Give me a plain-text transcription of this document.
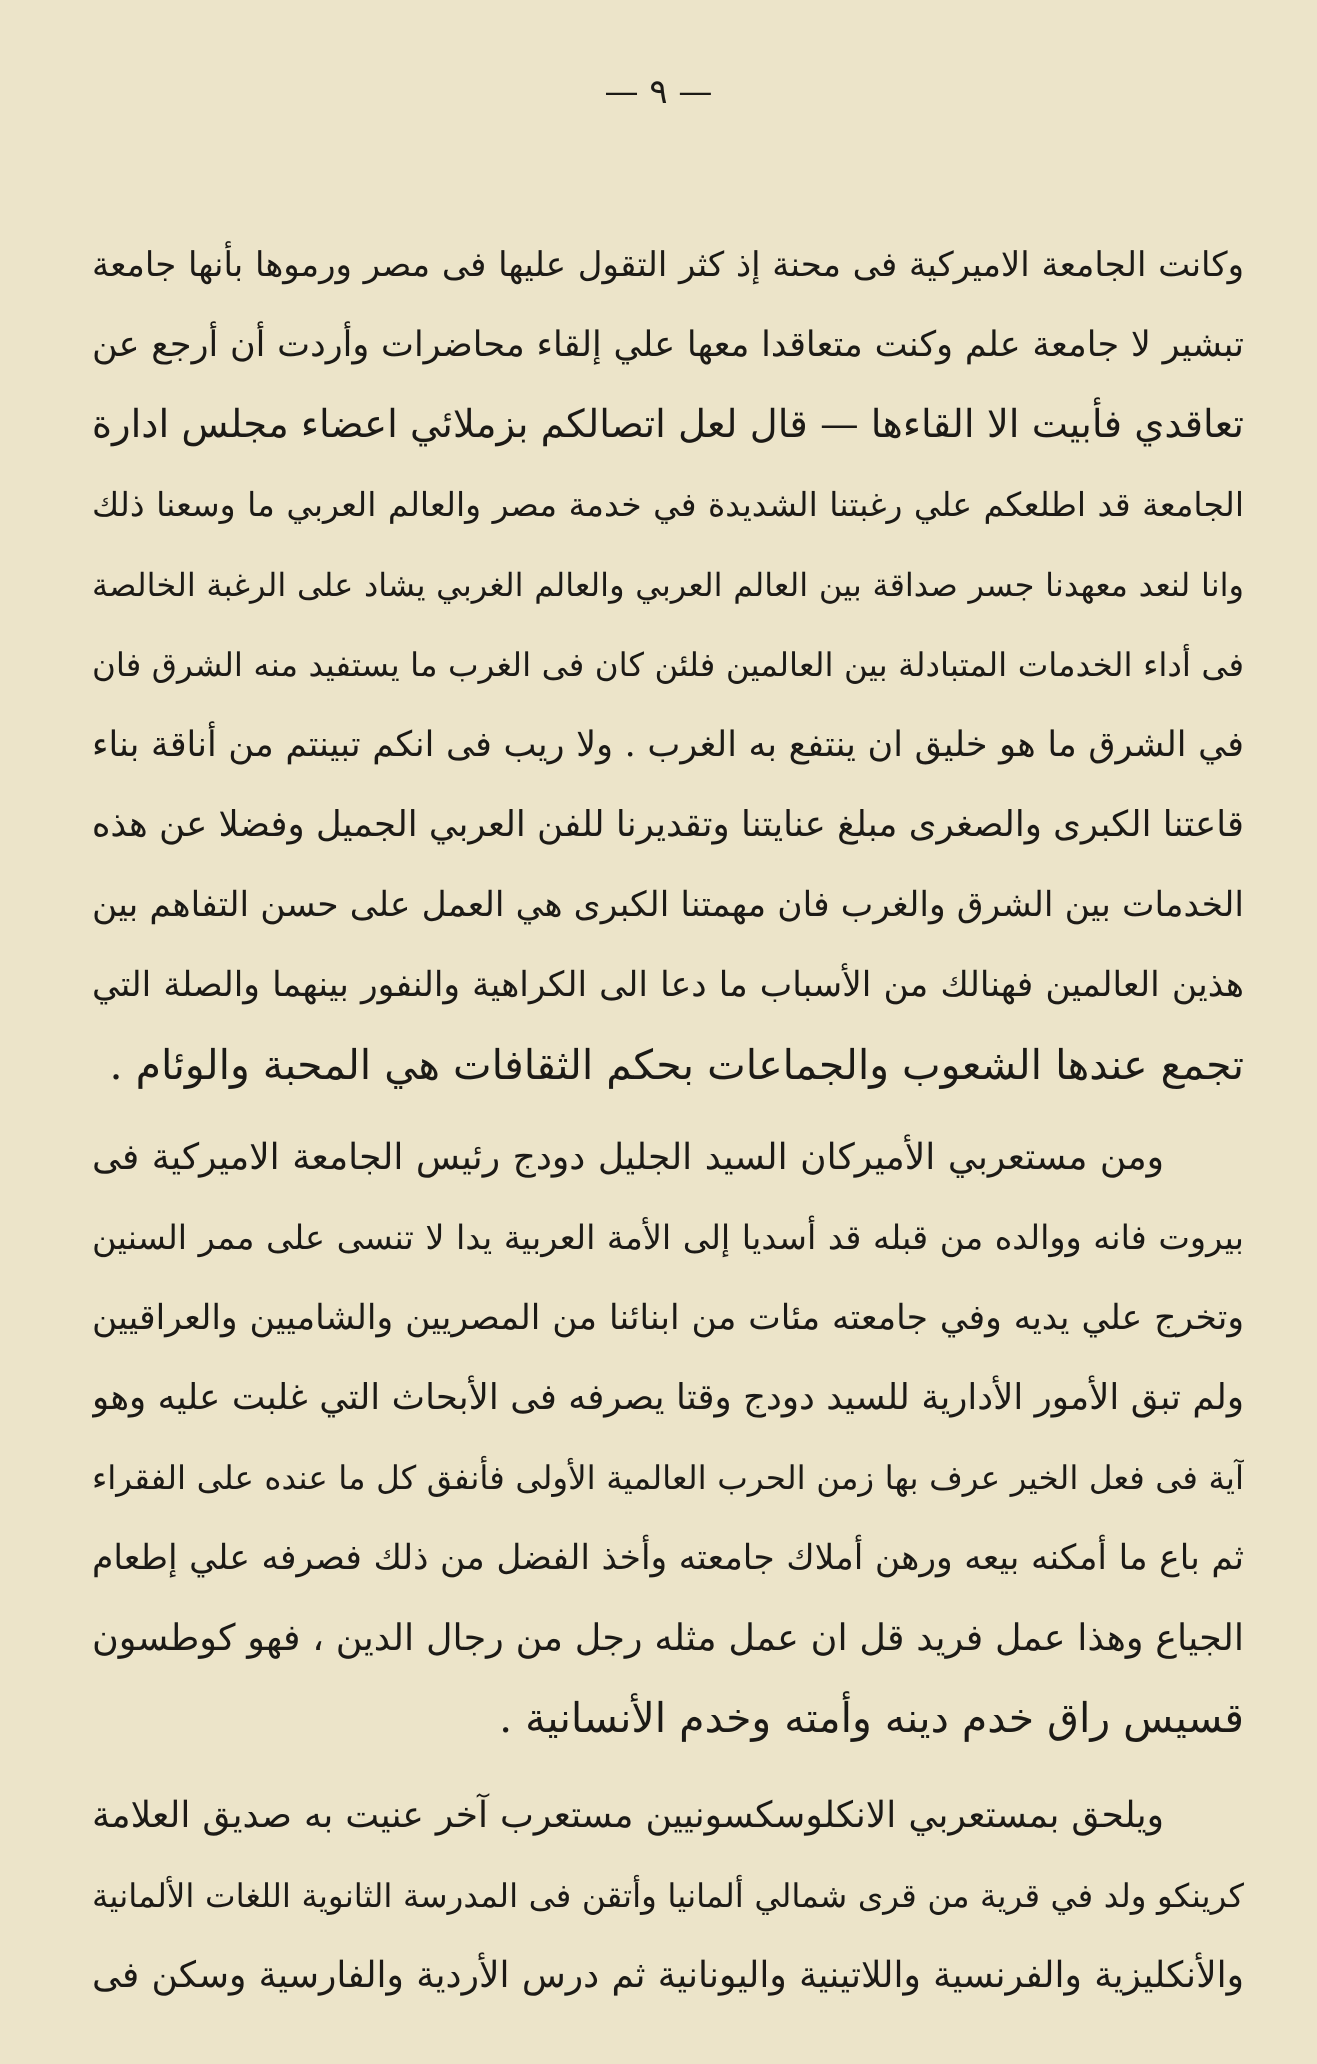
— ٩ —
وكانت الجامعة الاميركية فى محنة إذ كثر التقول عليها فى مصر ورموها بأنها جامعة
تبشير لا جامعة علم وكنت متعاقدا معها علي إلقاء محاضرات وأردت أن أرجع عن
تعاقدي فأبيت الا القاءها — قال لعل اتصالكم بزملائي اعضاء مجلس ادارة
الجامعة قد اطلعكم علي رغبتنا الشديدة في خدمة مصر والعالم العربي ما وسعنا ذلك
وانا لنعد معهدنا جسر صداقة بين العالم العربي والعالم الغربي يشاد على الرغبة الخالصة
فى أداء الخدمات المتبادلة بين العالمين فلئن كان فى الغرب ما يستفيد منه الشرق فان
في الشرق ما هو خليق ان ينتفع به الغرب . ولا ريب فى انكم تبينتم من أناقة بناء
قاعتنا الكبرى والصغرى مبلغ عنايتنا وتقديرنا للفن العربي الجميل وفضلا عن هذه
الخدمات بين الشرق والغرب فان مهمتنا الكبرى هي العمل على حسن التفاهم بين
هذين العالمين فهنالك من الأسباب ما دعا الى الكراهية والنفور بينهما والصلة التي
تجمع عندها الشعوب والجماعات بحكم الثقافات هي المحبة والوئام .
ومن مستعربي الأميركان السيد الجليل دودج رئيس الجامعة الاميركية فى
بيروت فانه ووالده من قبله قد أسديا إلى الأمة العربية يدا لا تنسى على ممر السنين
وتخرج علي يديه وفي جامعته مئات من ابنائنا من المصريين والشاميين والعراقيين
ولم تبق الأمور الأدارية للسيد دودج وقتا يصرفه فى الأبحاث التي غلبت عليه وهو
آية فى فعل الخير عرف بها زمن الحرب العالمية الأولى فأنفق كل ما عنده على الفقراء
ثم باع ما أمكنه بيعه ورهن أملاك جامعته وأخذ الفضل من ذلك فصرفه علي إطعام
الجياع وهذا عمل فريد قل ان عمل مثله رجل من رجال الدين ، فهو كوطسون
قسيس راق خدم دينه وأمته وخدم الأنسانية .
ويلحق بمستعربي الانكلوسكسونيين مستعرب آخر عنيت به صديق العلامة
كرينكو ولد في قرية من قرى شمالي ألمانيا وأتقن فى المدرسة الثانوية اللغات الألمانية
والأنكليزية والفرنسية واللاتينية واليونانية ثم درس الأردية والفارسية وسكن فى
